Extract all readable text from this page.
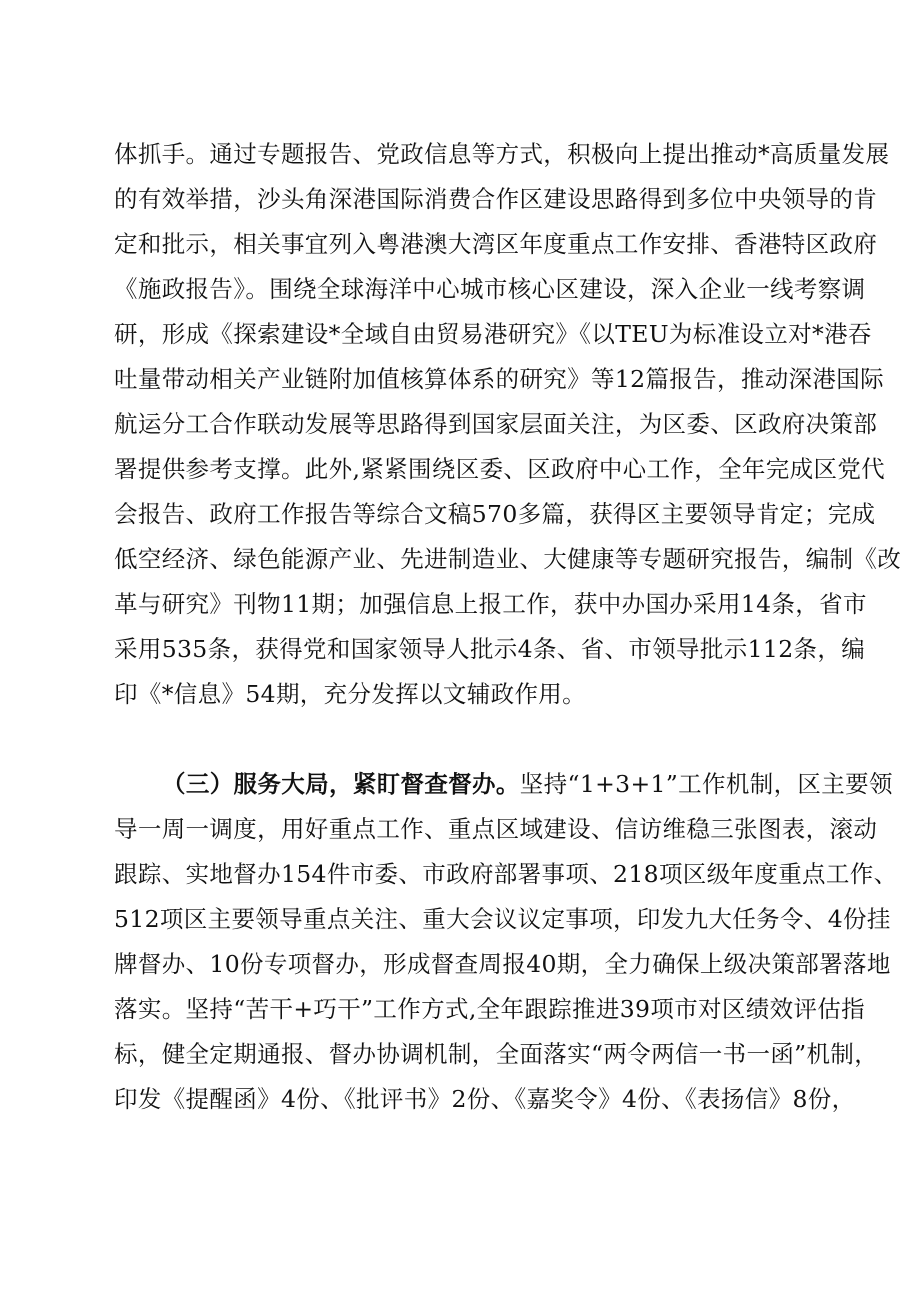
体抓手。通过专题报告、党政信息等方式，积极向上提出推动*高质量发展
的有效举措，沙头角深港国际消费合作区建设思路得到多位中央领导的肯
定和批示，相关事宜列入粤港澳大湾区年度重点工作安排、香港特区政府
《施政报告》。围绕全球海洋中心城市核心区建设，深入企业一线考察调
研，形成《探索建设*全域自由贸易港研究》《以TEU为标准设立对*港吞
吐量带动相关产业链附加值核算体系的研究》等12篇报告，推动深港国际
航运分工合作联动发展等思路得到国家层面关注，为区委、区政府决策部
署提供参考支撑。此外,紧紧围绕区委、区政府中心工作，全年完成区党代
会报告、政府工作报告等综合文稿570多篇，获得区主要领导肯定；完成
低空经济、绿色能源产业、先进制造业、大健康等专题研究报告，编制《改
革与研究》刊物11期；加强信息上报工作，获中办国办采用14条，省市
采用535条，获得党和国家领导人批示4条、省、市领导批示112条，编
印《*信息》54期，充分发挥以文辅政作用。
（三）服务大局，紧盯督查督办。坚持“1+3+1”工作机制，区主要领
导一周一调度，用好重点工作、重点区域建设、信访维稳三张图表，滚动
跟踪、实地督办154件市委、市政府部署事项、218项区级年度重点工作、
512项区主要领导重点关注、重大会议议定事项，印发九大任务令、4份挂
牌督办、10份专项督办，形成督查周报40期，全力确保上级决策部署落地
落实。坚持“苦干+巧干”工作方式,全年跟踪推进39项市对区绩效评估指
标，健全定期通报、督办协调机制，全面落实“两令两信一书一函”机制，
印发《提醒函》4份、《批评书》2份、《嘉奖令》4份、《表扬信》8份，
